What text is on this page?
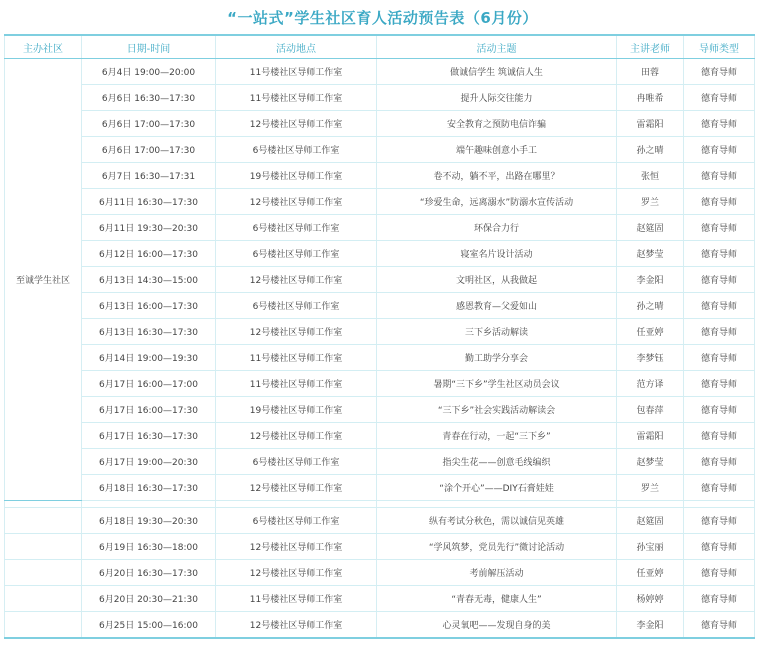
“一站式”学生社区育人活动预告表（6月份）
主办社区	日期-时间	活动地点	活动主题	主讲老师	导师类型
至诚学生社区	6月4日 19:00—20:00	11号楼社区导师工作室	做诚信学生 筑诚信人生	田蓉	德育导师
	6月6日 16:30—17:30	11号楼社区导师工作室	提升人际交往能力	冉唯希	德育导师
	6月6日 17:00—17:30	12号楼社区导师工作室	安全教育之预防电信诈骗	雷霜阳	德育导师
	6月6日 17:00—17:30	6号楼社区导师工作室	端午趣味创意小手工	孙之晴	德育导师
	6月7日 16:30—17:31	19号楼社区导师工作室	卷不动，躺不平，出路在哪里？	张恒	德育导师
	6月11日 16:30—17:30	12号楼社区导师工作室	“珍爱生命，远离溺水”防溺水宣传活动	罗兰	德育导师
	6月11日 19:30—20:30	6号楼社区导师工作室	环保合力行	赵筵固	德育导师
	6月12日 16:00—17:30	6号楼社区导师工作室	寝室名片设计活动	赵梦莹	德育导师
	6月13日 14:30—15:00	12号楼社区导师工作室	文明社区，从我做起	李金阳	德育导师
	6月13日 16:00—17:30	6号楼社区导师工作室	感恩教育—父爱如山	孙之晴	德育导师
	6月13日 16:30—17:30	12号楼社区导师工作室	三下乡活动解读	任亚婷	德育导师
	6月14日 19:00—19:30	11号楼社区导师工作室	勤工助学分享会	李梦钰	德育导师
	6月17日 16:00—17:00	11号楼社区导师工作室	暑期“三下乡”学生社区动员会议	范方译	德育导师
	6月17日 16:00—17:30	19号楼社区导师工作室	“三下乡”社会实践活动解读会	包春萍	德育导师
	6月17日 16:30—17:30	12号楼社区导师工作室	青春在行动，一起“三下乡”	雷霜阳	德育导师
	6月17日 19:00—20:30	6号楼社区导师工作室	指尖生花——创意毛线编织	赵梦莹	德育导师
	6月18日 16:30—17:30	12号楼社区导师工作室	“涂个开心”——DIY石膏娃娃	罗兰	德育导师

	6月18日 19:30—20:30	6号楼社区导师工作室	纵有考试分秋色，需以诚信见英雄	赵筵固	德育导师
	6月19日 16:30—18:00	12号楼社区导师工作室	“学风筑梦，党员先行”微讨论活动	孙宝丽	德育导师
	6月20日 16:30—17:30	12号楼社区导师工作室	考前解压活动	任亚婷	德育导师
	6月20日 20:30—21:30	11号楼社区导师工作室	“青春无毒，健康人生”	杨婷婷	德育导师
	6月25日 15:00—16:00	12号楼社区导师工作室	心灵氧吧——发现自身的美	李金阳	德育导师
